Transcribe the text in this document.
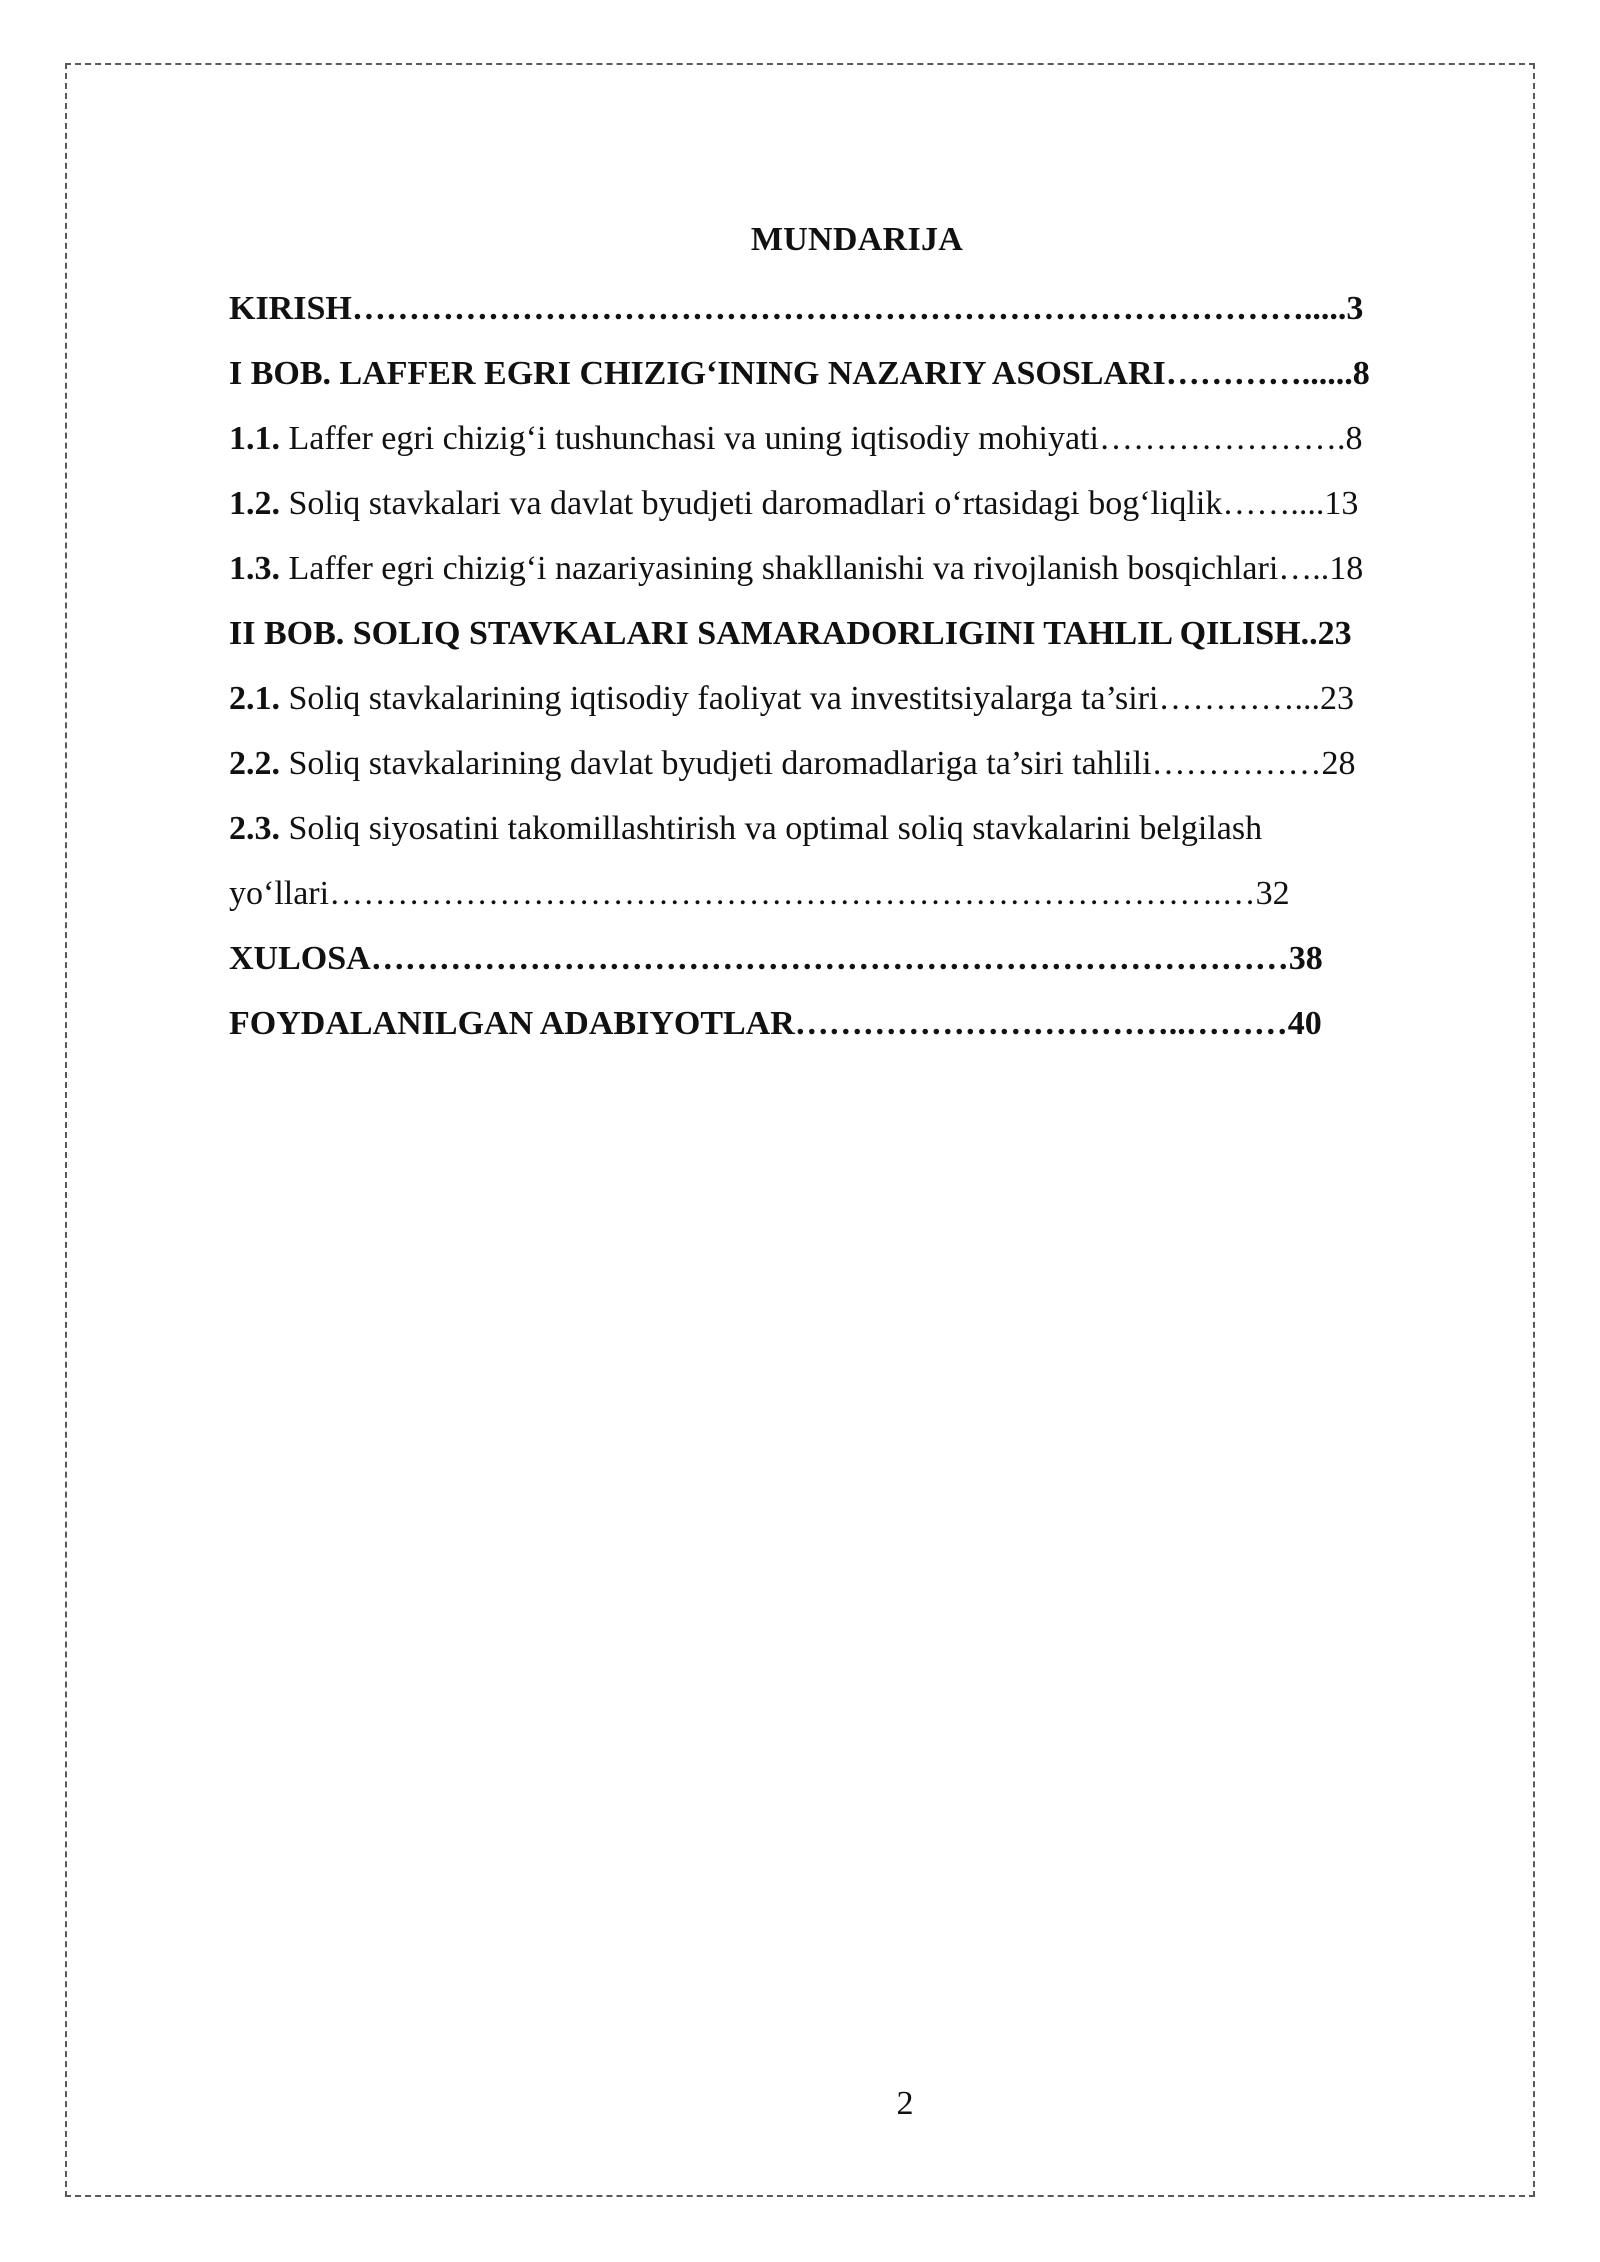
MUNDARIJA
KIRISH………………………………………………………………………….....3
I BOB. LAFFER EGRI CHIZIG‘INING NAZARIY ASOSLARI…………......8
1.1. Laffer egri chizig‘i tushunchasi va uning iqtisodiy mohiyati………………….8
1.2. Soliq stavkalari va davlat byudjeti daromadlari o‘rtasidagi bog‘liqlik……....13
1.3. Laffer egri chizig‘i nazariyasining shakllanishi va rivojlanish bosqichlari…..18
II BOB. SOLIQ STAVKALARI SAMARADORLIGINI TAHLIL QILISH..23
2.1. Soliq stavkalarining iqtisodiy faoliyat va investitsiyalarga ta’siri…………...23
2.2. Soliq stavkalarining davlat byudjeti daromadlariga ta’siri tahlili……………28
2.3. Soliq siyosatini takomillashtirish va optimal soliq stavkalarini belgilash
yo‘llari…………………………………………………………………….…32
XULOSA………………………………………………………………………38
FOYDALANILGAN ADABIYOTLAR……………………………..………40
2
